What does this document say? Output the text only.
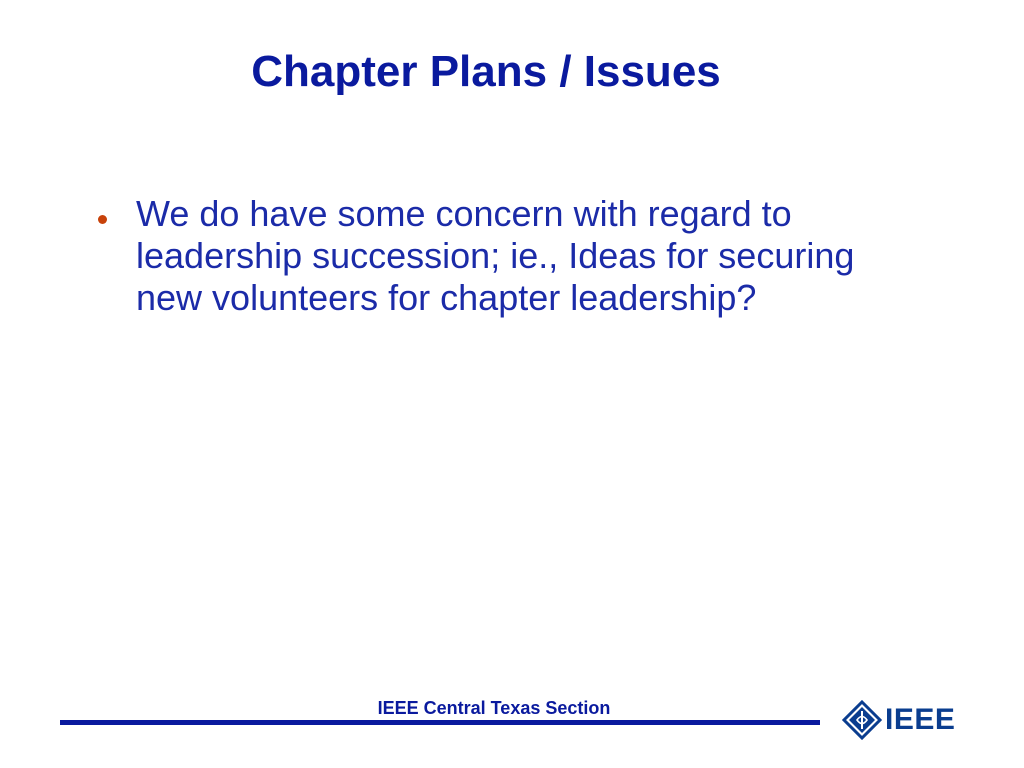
Chapter Plans / Issues
We do have some concern with regard to
leadership succession; ie., Ideas for securing
new volunteers for chapter leadership?
IEEE Central Texas Section	IEEE
